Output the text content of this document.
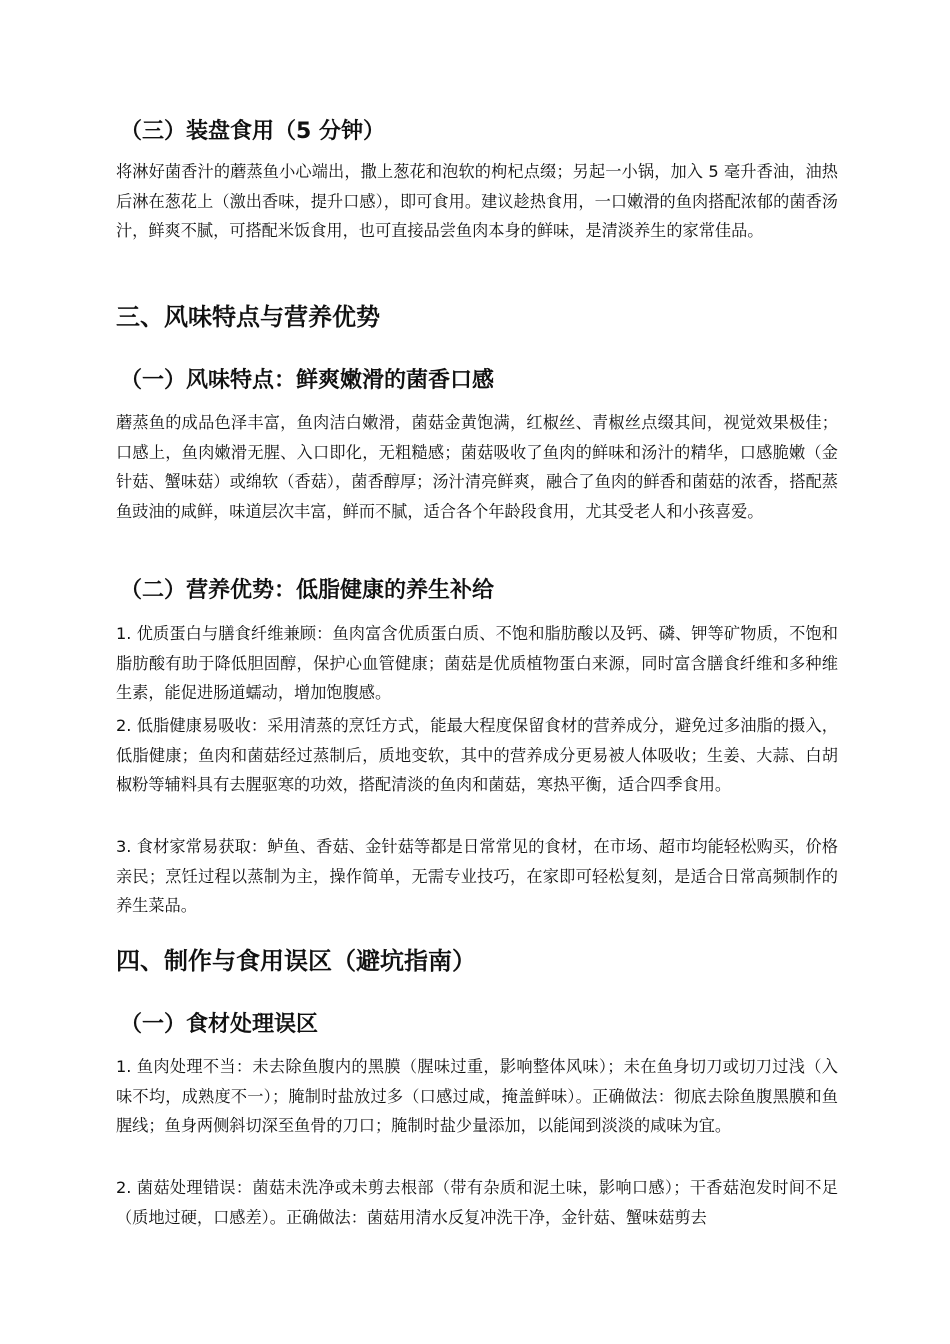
（三）装盘食用（5 分钟）

将淋好菌香汁的蘑蒸鱼小心端出，撒上葱花和泡软的枸杞点缀；另起一小锅，加入 5 毫升香油，油热后淋在葱花上（激出香味，提升口感），即可食用。建议趁热食用，一口嫩滑的鱼肉搭配浓郁的菌香汤汁，鲜爽不腻，可搭配米饭食用，也可直接品尝鱼肉本身的鲜味，是清淡养生的家常佳品。

三、风味特点与营养优势
（一）风味特点：鲜爽嫩滑的菌香口感

蘑蒸鱼的成品色泽丰富，鱼肉洁白嫩滑，菌菇金黄饱满，红椒丝、青椒丝点缀其间，视觉效果极佳；口感上，鱼肉嫩滑无腥、入口即化，无粗糙感；菌菇吸收了鱼肉的鲜味和汤汁的精华，口感脆嫩（金针菇、蟹味菇）或绵软（香菇），菌香醇厚；汤汁清亮鲜爽，融合了鱼肉的鲜香和菌菇的浓香，搭配蒸鱼豉油的咸鲜，味道层次丰富，鲜而不腻，适合各个年龄段食用，尤其受老人和小孩喜爱。

（二）营养优势：低脂健康的养生补给

1. 优质蛋白与膳食纤维兼顾：鱼肉富含优质蛋白质、不饱和脂肪酸以及钙、磷、钾等矿物质，不饱和脂肪酸有助于降低胆固醇，保护心血管健康；菌菇是优质植物蛋白来源，同时富含膳食纤维和多种维生素，能促进肠道蠕动，增加饱腹感。

2. 低脂健康易吸收：采用清蒸的烹饪方式，能最大程度保留食材的营养成分，避免过多油脂的摄入，低脂健康；鱼肉和菌菇经过蒸制后，质地变软，其中的营养成分更易被人体吸收；生姜、大蒜、白胡椒粉等辅料具有去腥驱寒的功效，搭配清淡的鱼肉和菌菇，寒热平衡，适合四季食用。

3. 食材家常易获取：鲈鱼、香菇、金针菇等都是日常常见的食材，在市场、超市均能轻松购买，价格亲民；烹饪过程以蒸制为主，操作简单，无需专业技巧，在家即可轻松复刻，是适合日常高频制作的养生菜品。

四、制作与食用误区（避坑指南）
（一）食材处理误区

1. 鱼肉处理不当：未去除鱼腹内的黑膜（腥味过重，影响整体风味）；未在鱼身切刀或切刀过浅（入味不均，成熟度不一）；腌制时盐放过多（口感过咸，掩盖鲜味）。正确做法：彻底去除鱼腹黑膜和鱼腥线；鱼身两侧斜切深至鱼骨的刀口；腌制时盐少量添加，以能闻到淡淡的咸味为宜。

2. 菌菇处理错误：菌菇未洗净或未剪去根部（带有杂质和泥土味，影响口感）；干香菇泡发时间不足（质地过硬，口感差）。正确做法：菌菇用清水反复冲洗干净，金针菇、蟹味菇剪去
